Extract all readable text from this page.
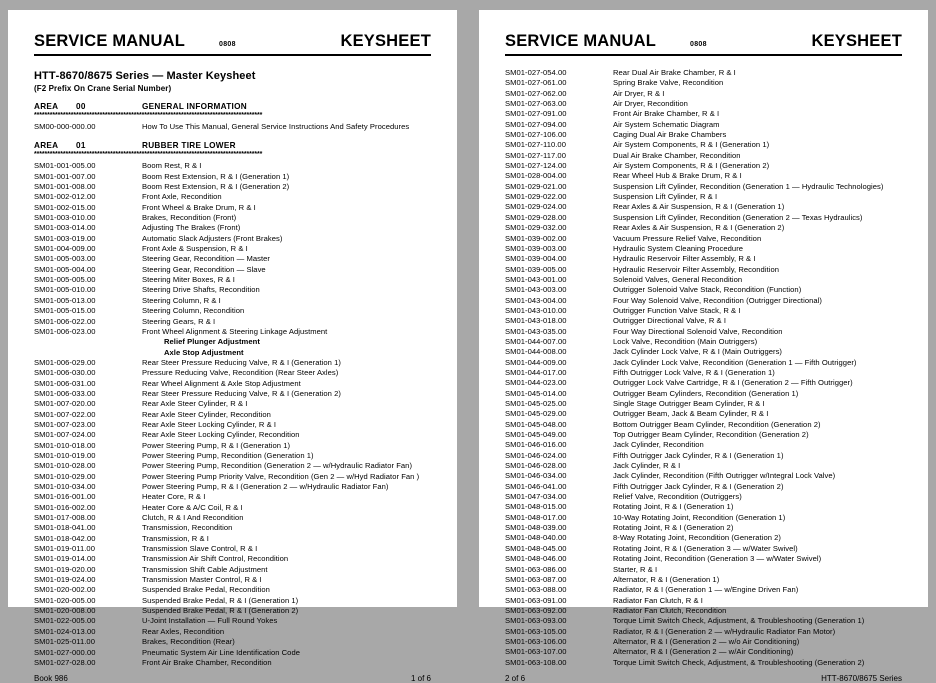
SERVICE MANUAL	0808	KEYSHEET
HTT‑8670/8675 Series — Master Keysheet
(F2 Prefix On Crane Serial Number)
AREA	00	GENERAL INFORMATION
***************************************************************************************
SM00‑000‑000.00	How To Use This Manual, General Service Instructions And Safety Procedures
AREA	01	RUBBER TIRE LOWER
***************************************************************************************
SM01‑001‑005.00	Boom Rest, R & I
SM01‑001‑007.00	Boom Rest Extension, R & I (Generation 1)
SM01‑001‑008.00	Boom Rest Extension, R & I (Generation 2)
SM01‑002‑012.00	Front Axle, Recondition
SM01‑002‑015.00	Front Wheel & Brake Drum, R & I
SM01‑003‑010.00	Brakes, Recondition (Front)
SM01‑003‑014.00	Adjusting The Brakes (Front)
SM01‑003‑019.00	Automatic Slack Adjusters (Front Brakes)
SM01‑004‑009.00	Front Axle & Suspension, R & I
SM01‑005‑003.00	Steering Gear, Recondition — Master
SM01‑005‑004.00	Steering Gear, Recondition — Slave
SM01‑005‑005.00	Steering Miter Boxes, R & I
SM01‑005‑010.00	Steering Drive Shafts, Recondition
SM01‑005‑013.00	Steering Column, R & I
SM01‑005‑015.00	Steering Column, Recondition
SM01‑006‑022.00	Steering Gears, R & I
SM01‑006‑023.00	Front Wheel Alignment & Steering Linkage Adjustment
Relief Plunger Adjustment
Axle Stop Adjustment
SM01‑006‑029.00	Rear Steer Pressure Reducing Valve, R & I (Generation 1)
SM01‑006‑030.00	Pressure Reducing Valve, Recondition (Rear Steer Axles)
SM01‑006‑031.00	Rear Wheel Alignment & Axle Stop Adjustment
SM01‑006‑033.00	Rear Steer Pressure Reducing Valve, R & I (Generation 2)
SM01‑007‑020.00	Rear Axle Steer Cylinder, R & I
SM01‑007‑022.00	Rear Axle Steer Cylinder, Recondition
SM01‑007‑023.00	Rear Axle Steer Locking Cylinder, R & I
SM01‑007‑024.00	Rear Axle Steer Locking Cylinder, Recondition
SM01‑010‑018.00	Power Steering Pump, R & I (Generation 1)
SM01‑010‑019.00	Power Steering Pump, Recondition (Generation 1)
SM01‑010‑028.00	Power Steering Pump, Recondition (Generation 2 — w/Hydraulic Radiator Fan)
SM01‑010‑029.00	Power Steering Pump Priority Valve, Recondition (Gen 2 — w/Hyd Radiator Fan )
SM01‑010‑034.00	Power Steering Pump, R & I (Generation 2 — w/Hydraulic Radiator Fan)
SM01‑016‑001.00	Heater Core, R & I
SM01‑016‑002.00	Heater Core & A/C Coil, R & I
SM01‑017‑008.00	Clutch, R & I And Recondition
SM01‑018‑041.00	Transmission, Recondition
SM01‑018‑042.00	Transmission, R & I
SM01‑019‑011.00	Transmission Slave Control, R & I
SM01‑019‑014.00	Transmission Air Shift Control, Recondition
SM01‑019‑020.00	Transmission Shift Cable Adjustment
SM01‑019‑024.00	Transmission Master Control, R & I
SM01‑020‑002.00	Suspended Brake Pedal, Recondition
SM01‑020‑005.00	Suspended Brake Pedal, R & I (Generation 1)
SM01‑020‑008.00	Suspended Brake Pedal, R & I (Generation 2)
SM01‑022‑005.00	U‑Joint Installation — Full Round Yokes
SM01‑024‑013.00	Rear Axles, Recondition
SM01‑025‑011.00	Brakes, Recondition (Rear)
SM01‑027‑000.00	Pneumatic System Air Line Identification Code
SM01‑027‑028.00	Front Air Brake Chamber, Recondition
Book 986	1 of 6
SERVICE MANUAL	0808	KEYSHEET
SM01‑027‑054.00	Rear Dual Air Brake Chamber, R & I
SM01‑027‑061.00	Spring Brake Valve, Recondition
SM01‑027‑062.00	Air Dryer, R & I
SM01‑027‑063.00	Air Dryer, Recondition
SM01‑027‑091.00	Front Air Brake Chamber, R & I
SM01‑027‑094.00	Air System Schematic Diagram
SM01‑027‑106.00	Caging Dual Air Brake Chambers
SM01‑027‑110.00	Air System Components, R & I (Generation 1)
SM01‑027‑117.00	Dual Air Brake Chamber, Recondition
SM01‑027‑124.00	Air System Components, R & I (Generation 2)
SM01‑028‑004.00	Rear Wheel Hub & Brake Drum, R & I
SM01‑029‑021.00	Suspension Lift Cylinder, Recondition (Generation 1 — Hydraulic Technologies)
SM01‑029‑022.00	Suspension Lift Cylinder, R & I
SM01‑029‑024.00	Rear Axles & Air Suspension, R & I (Generation 1)
SM01‑029‑028.00	Suspension Lift Cylinder, Recondition (Generation 2 — Texas Hydraulics)
SM01‑029‑032.00	Rear Axles & Air Suspension, R & I (Generation 2)
SM01‑039‑002.00	Vacuum Pressure Relief Valve, Recondition
SM01‑039‑003.00	Hydraulic System Cleaning Procedure
SM01‑039‑004.00	Hydraulic Reservoir Filter Assembly, R & I
SM01‑039‑005.00	Hydraulic Reservoir Filter Assembly, Recondition
SM01‑043‑001.00	Solenoid Valves, General Recondition
SM01‑043‑003.00	Outrigger Solenoid Valve Stack, Recondition (Function)
SM01‑043‑004.00	Four Way Solenoid Valve, Recondition (Outrigger Directional)
SM01‑043‑010.00	Outrigger Function Valve Stack, R & I
SM01‑043‑018.00	Outrigger Directional Valve, R & I
SM01‑043‑035.00	Four Way Directional Solenoid Valve, Recondition
SM01‑044‑007.00	Lock Valve, Recondition (Main Outriggers)
SM01‑044‑008.00	Jack Cylinder Lock Valve, R & I (Main Outriggers)
SM01‑044‑009.00	Jack Cylinder Lock Valve, Recondition (Generation 1 — Fifth Outrigger)
SM01‑044‑017.00	Fifth Outrigger Lock Valve, R & I (Generation 1)
SM01‑044‑023.00	Outrigger Lock Valve Cartridge, R & I (Generation 2 — Fifth Outrigger)
SM01‑045‑014.00	Outrigger Beam Cylinders, Recondition (Generation 1)
SM01‑045‑025.00	Single Stage Outrigger Beam Cylinder, R & I
SM01‑045‑029.00	Outrigger Beam, Jack & Beam Cylinder, R & I
SM01‑045‑048.00	Bottom Outrigger Beam Cylinder, Recondition (Generation 2)
SM01‑045‑049.00	Top Outrigger Beam Cylinder, Recondition (Generation 2)
SM01‑046‑016.00	Jack Cylinder, Recondition
SM01‑046‑024.00	Fifth Outrigger Jack Cylinder, R & I (Generation 1)
SM01‑046‑028.00	Jack Cylinder, R & I
SM01‑046‑034.00	Jack Cylinder, Recondition (Fifth Outrigger w/Integral Lock Valve)
SM01‑046‑041.00	Fifth Outrigger Jack Cylinder, R & I (Generation 2)
SM01‑047‑034.00	Relief Valve, Recondition (Outriggers)
SM01‑048‑015.00	Rotating Joint, R & I (Generation 1)
SM01‑048‑017.00	10‑Way Rotating Joint, Recondition (Generation 1)
SM01‑048‑039.00	Rotating Joint, R & I (Generation 2)
SM01‑048‑040.00	8‑Way Rotating Joint, Recondition (Generation 2)
SM01‑048‑045.00	Rotating Joint, R & I (Generation 3 — w/Water Swivel)
SM01‑048‑046.00	Rotating Joint, Recondition (Generation 3 — w/Water Swivel)
SM01‑063‑086.00	Starter, R & I
SM01‑063‑087.00	Alternator, R & I (Generation 1)
SM01‑063‑088.00	Radiator, R & I (Generation 1 — w/Engine Driven Fan)
SM01‑063‑091.00	Radiator Fan Clutch, R & I
SM01‑063‑092.00	Radiator Fan Clutch, Recondition
SM01‑063‑093.00	Torque Limit Switch Check, Adjustment, & Troubleshooting (Generation 1)
SM01‑063‑105.00	Radiator, R & I (Generation 2 — w/Hydraulic Radiator Fan Motor)
SM01‑063‑106.00	Alternator, R & I (Generation 2 — w/o Air Conditioning)
SM01‑063‑107.00	Alternator, R & I (Generation 2 — w/Air Conditioning)
SM01‑063‑108.00	Torque Limit Switch Check, Adjustment, & Troubleshooting (Generation 2)
2 of 6	HTT‑8670/8675 Series
